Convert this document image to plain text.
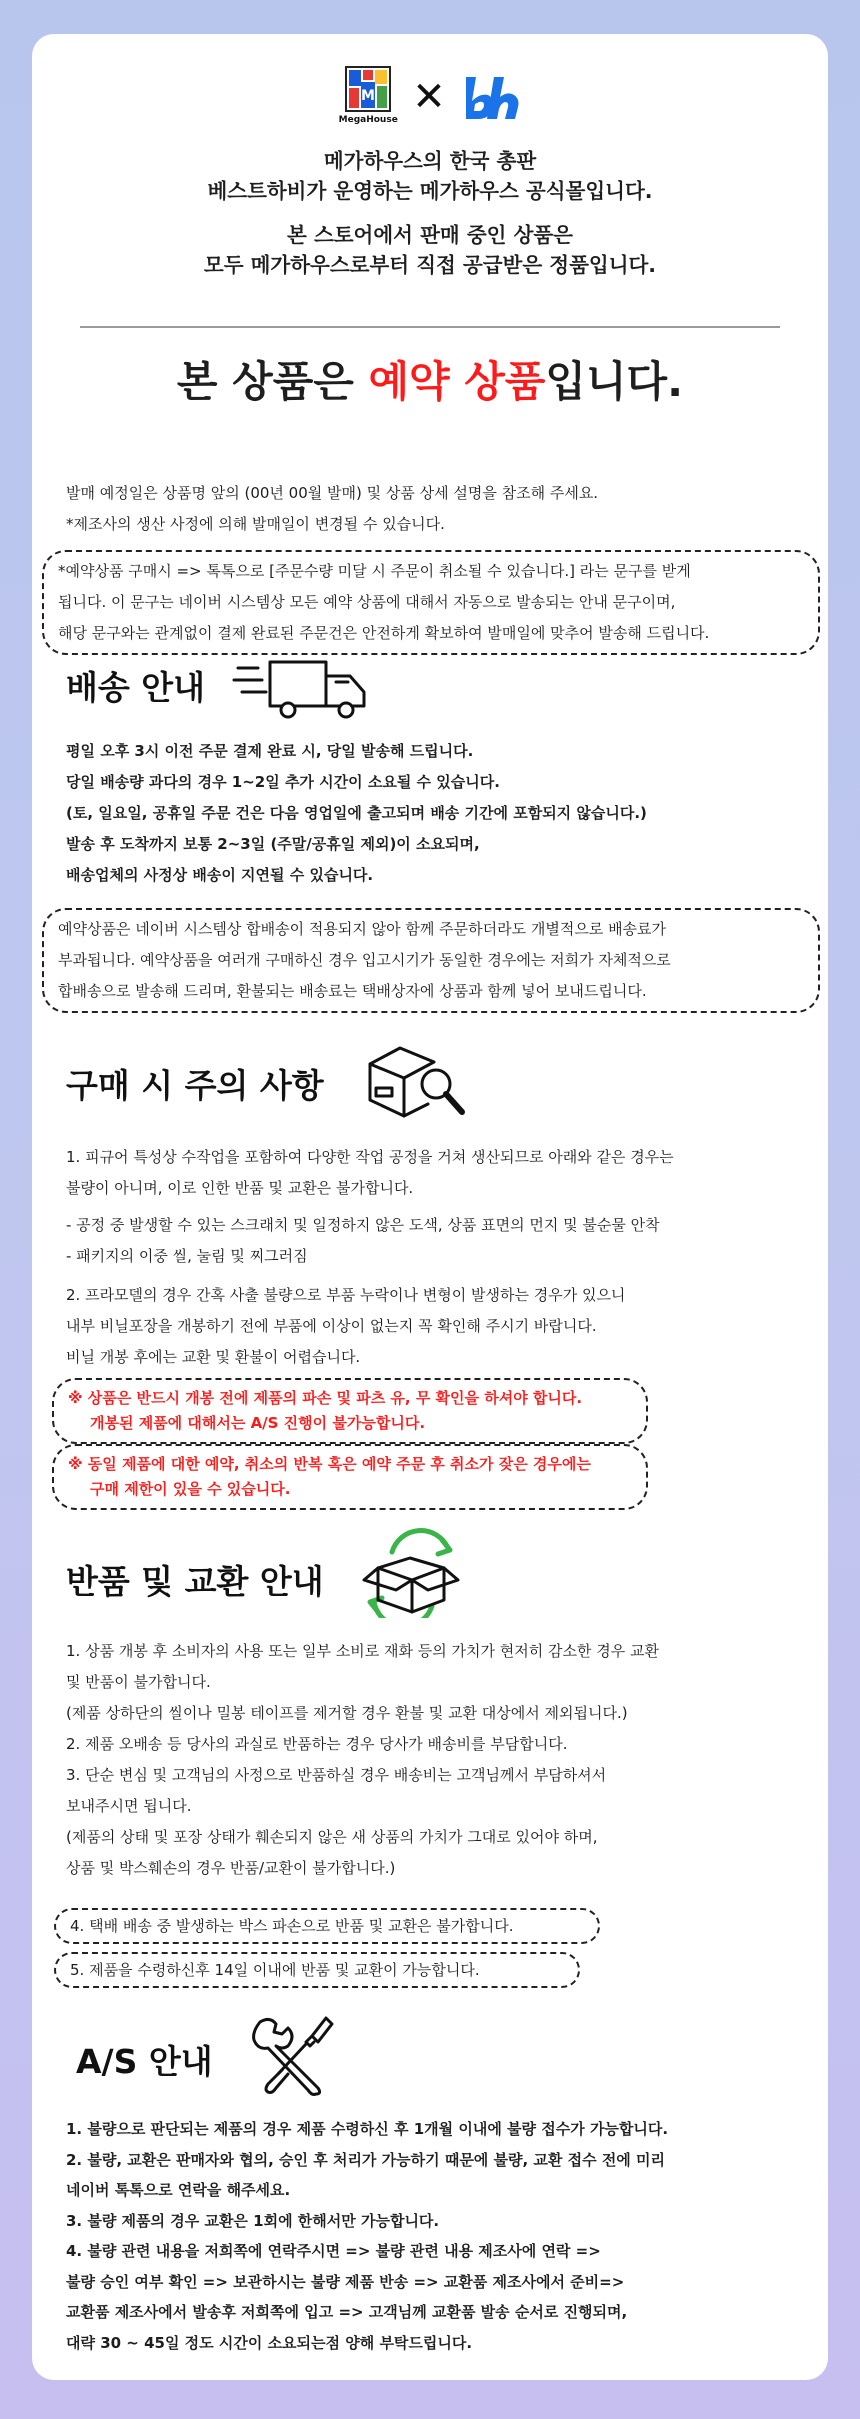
M
MegaHouse ✕

메가하우스의 한국 총판

베스트하비가 운영하는 메가하우스 공식몰입니다.

본 스토어에서 판매 중인 상품은

모두 메가하우스로부터 직접 공급받은 정품입니다.

본 상품은 예약 상품입니다.

발매 예정일은 상품명 앞의 (00년 00월 발매) 및 상품 상세 설명을 참조해 주세요.

*제조사의 생산 사정에 의해 발매일이 변경될 수 있습니다.

*예약상품 구매시 => 톡톡으로 [주문수량 미달 시 주문이 취소될 수 있습니다.] 라는 문구를 받게

됩니다. 이 문구는 네이버 시스템상 모든 예약 상품에 대해서 자동으로 발송되는 안내 문구이며,

해당 문구와는 관계없이 결제 완료된 주문건은 안전하게 확보하여 발매일에 맞추어 발송해 드립니다.

배송 안내

평일 오후 3시 이전 주문 결제 완료 시, 당일 발송해 드립니다.

당일 배송량 과다의 경우 1~2일 추가 시간이 소요될 수 있습니다.

(토, 일요일, 공휴일 주문 건은 다음 영업일에 출고되며 배송 기간에 포함되지 않습니다.)

발송 후 도착까지 보통 2~3일 (주말/공휴일 제외)이 소요되며,

배송업체의 사정상 배송이 지연될 수 있습니다.

예약상품은 네이버 시스템상 합배송이 적용되지 않아 함께 주문하더라도 개별적으로 배송료가

부과됩니다. 예약상품을 여러개 구매하신 경우 입고시기가 동일한 경우에는 저희가 자체적으로

합배송으로 발송해 드리며, 환불되는 배송료는 택배상자에 상품과 함께 넣어 보내드립니다.

구매 시 주의 사항

1. 피규어 특성상 수작업을 포함하여 다양한 작업 공정을 거쳐 생산되므로 아래와 같은 경우는

불량이 아니며, 이로 인한 반품 및 교환은 불가합니다.

- 공정 중 발생할 수 있는 스크래치 및 일정하지 않은 도색, 상품 표면의 먼지 및 불순물 안착

- 패키지의 이중 씰, 눌림 및 찌그러짐

2. 프라모델의 경우 간혹 사출 불량으로 부품 누락이나 변형이 발생하는 경우가 있으니

내부 비닐포장을 개봉하기 전에 부품에 이상이 없는지 꼭 확인해 주시기 바랍니다.

비닐 개봉 후에는 교환 및 환불이 어렵습니다.

※ 상품은 반드시 개봉 전에 제품의 파손 및 파츠 유, 무 확인을 하셔야 합니다.

개봉된 제품에 대해서는 A/S 진행이 불가능합니다.

※ 동일 제품에 대한 예약, 취소의 반복 혹은 예약 주문 후 취소가 잦은 경우에는

구매 제한이 있을 수 있습니다.

반품 및 교환 안내

1. 상품 개봉 후 소비자의 사용 또는 일부 소비로 재화 등의 가치가 현저히 감소한 경우 교환

및 반품이 불가합니다.

(제품 상하단의 씰이나 밀봉 테이프를 제거할 경우 환불 및 교환 대상에서 제외됩니다.)

2. 제품 오배송 등 당사의 과실로 반품하는 경우 당사가 배송비를 부담합니다.

3. 단순 변심 및 고객님의 사정으로 반품하실 경우 배송비는 고객님께서 부담하셔서

보내주시면 됩니다.

(제품의 상태 및 포장 상태가 훼손되지 않은 새 상품의 가치가 그대로 있어야 하며,

상품 및 박스훼손의 경우 반품/교환이 불가합니다.)

4. 택배 배송 중 발생하는 박스 파손으로 반품 및 교환은 불가합니다.

5. 제품을 수령하신후 14일 이내에 반품 및 교환이 가능합니다.

A/S 안내

1. 불량으로 판단되는 제품의 경우 제품 수령하신 후 1개월 이내에 불량 접수가 가능합니다.

2. 불량, 교환은 판매자와 협의, 승인 후 처리가 가능하기 때문에 불량, 교환 접수 전에 미리

네이버 톡톡으로 연락을 해주세요.

3. 불량 제품의 경우 교환은 1회에 한해서만 가능합니다.

4. 불량 관련 내용을 저희쪽에 연락주시면 => 불량 관련 내용 제조사에 연락 =>

불량 승인 여부 확인 => 보관하시는 불량 제품 반송 => 교환품 제조사에서 준비=>

교환품 제조사에서 발송후 저희쪽에 입고 => 고객님께 교환품 발송 순서로 진행되며,

대략 30 ~ 45일 정도 시간이 소요되는점 양해 부탁드립니다.
